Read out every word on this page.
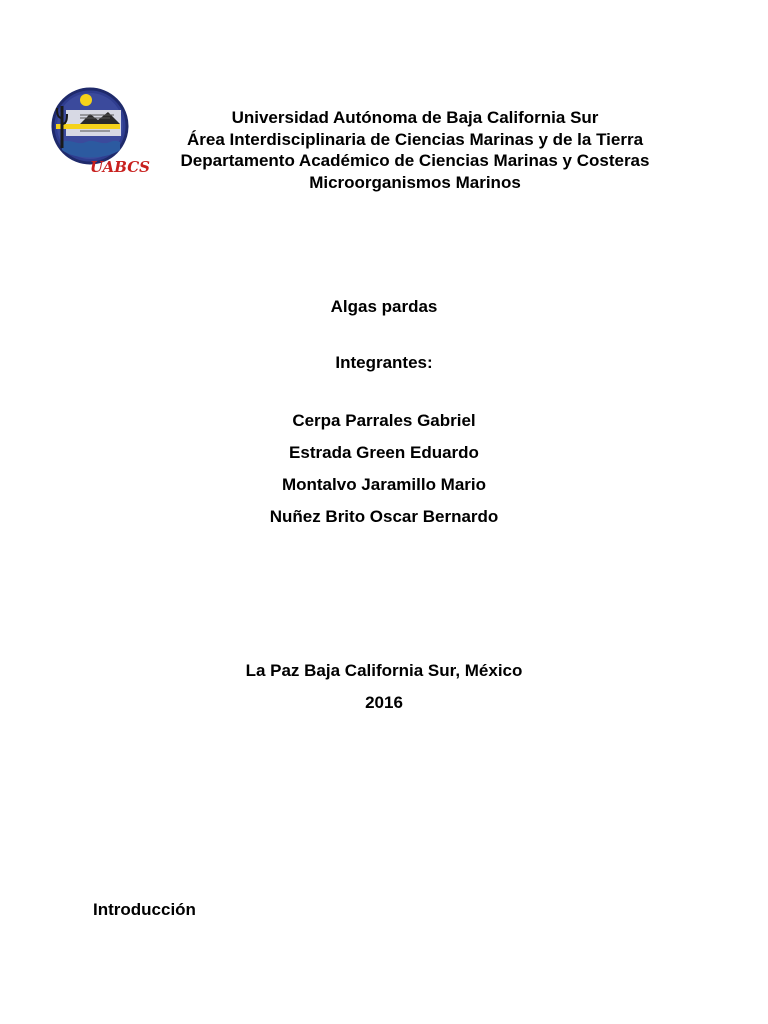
UABCS
Universidad Autónoma de Baja California Sur
Área Interdisciplinaria de Ciencias Marinas y de la Tierra
Departamento Académico de Ciencias Marinas y Costeras
Microorganismos Marinos
Algas pardas
Integrantes:
Cerpa Parrales Gabriel
Estrada Green Eduardo
Montalvo Jaramillo Mario
Nuñez Brito Oscar Bernardo
La Paz Baja California Sur, México
2016
Introducción
